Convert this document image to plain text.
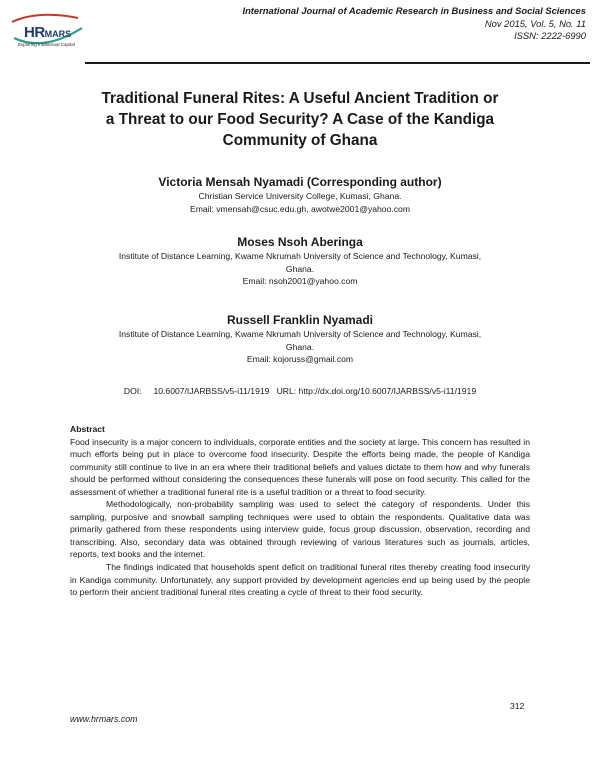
HRMARS
Exploring Intellectual Capital
International Journal of Academic Research in Business and Social Sciences
Nov 2015, Vol. 5, No. 11
ISSN: 2222-6990
Traditional Funeral Rites: A Useful Ancient Tradition or
a Threat to our Food Security? A Case of the Kandiga
Community of Ghana
Victoria Mensah Nyamadi (Corresponding author)
Christian Service University College, Kumasi, Ghana.
Email: vmensah@csuc.edu.gh, awotwe2001@yahoo.com
Moses Nsoh Aberinga
Institute of Distance Learning, Kwame Nkrumah University of Science and Technology, Kumasi,
Ghana.
Email: nsoh2001@yahoo.com
Russell Franklin Nyamadi
Institute of Distance Learning, Kwame Nkrumah University of Science and Technology, Kumasi,
Ghana.
Email: kojoruss@gmail.com
DOI:     10.6007/IJARBSS/v5-i11/1919   URL: http://dx.doi.org/10.6007/IJARBSS/v5-i11/1919
Abstract

Food insecurity is a major concern to individuals, corporate entities and the society at large. This concern has resulted in much efforts being put in place to overcome food insecurity. Despite the efforts being made, the people of Kandiga community still continue to live in an era where their traditional beliefs and values dictate to them how and why funerals should be performed without considering the consequences these funerals will pose on food security. This called for the assessment of whether a traditional funeral rite is a useful tradition or a threat to food security.

Methodologically, non-probability sampling was used to select the category of respondents. Under this sampling, purposive and snowball sampling techniques were used to obtain the respondents. Qualitative data was primarily gathered from these respondents using interview guide, focus group discussion, observation, recording and transcribing. Also, secondary data was obtained through reviewing of various literatures such as journals, articles, reports, text books and the internet.

The findings indicated that households spent deficit on traditional funeral rites thereby creating food insecurity in Kandiga community. Unfortunately, any support provided by development agencies end up being used by the people to perform their ancient traditional funeral rites creating a cycle of threat to their food security.

312
www.hrmars.com
